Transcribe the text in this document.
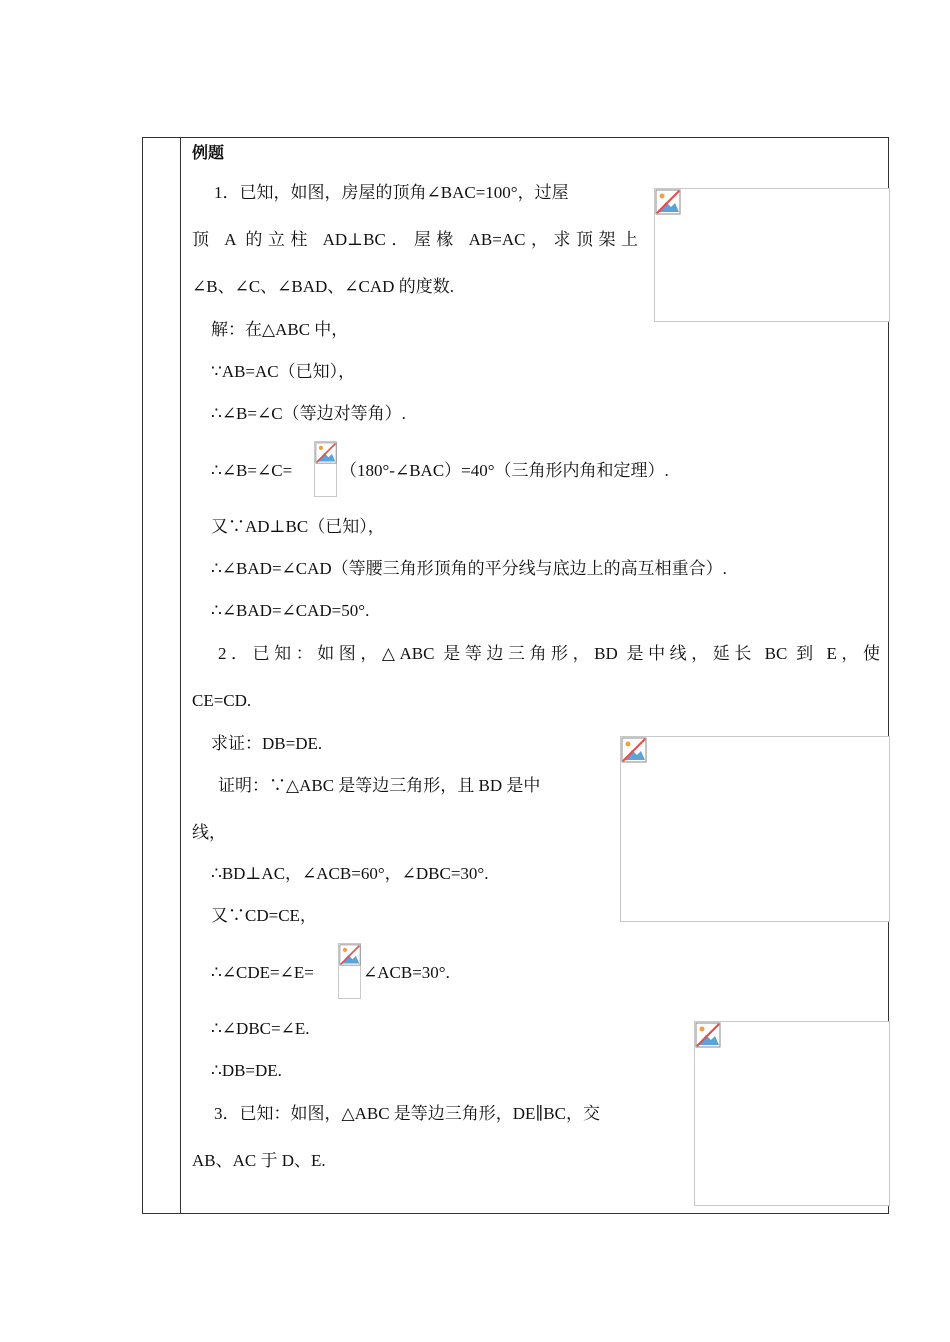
例题
1．已知，如图，房屋的顶角∠BAC=100°，过屋
顶 A 的立柱 AD⊥BC．屋椽 AB=AC，求顶架上
∠B、∠C、∠BAD、∠CAD 的度数.
解：在△ABC 中，
∵AB=AC（已知），
∴∠B=∠C（等边对等角）.
∴∠B=∠C=	（180°-∠BAC）=40°（三角形内角和定理）.
又∵AD⊥BC（已知），
∴∠BAD=∠CAD（等腰三角形顶角的平分线与底边上的高互相重合）.
∴∠BAD=∠CAD=50°.
2．已知：如图，△ABC 是等边三角形，BD 是中线，延长 BC 到 E，使
CE=CD.
求证：DB=DE.
证明：∵△ABC 是等边三角形，且 BD 是中
线，
∴BD⊥AC，∠ACB=60°，∠DBC=30°.
又∵CD=CE，
∴∠CDE=∠E=	∠ACB=30°.
∴∠DBC=∠E.
∴DB=DE.
3．已知：如图，△ABC 是等边三角形，DE∥BC，交
AB、AC 于 D、E.
